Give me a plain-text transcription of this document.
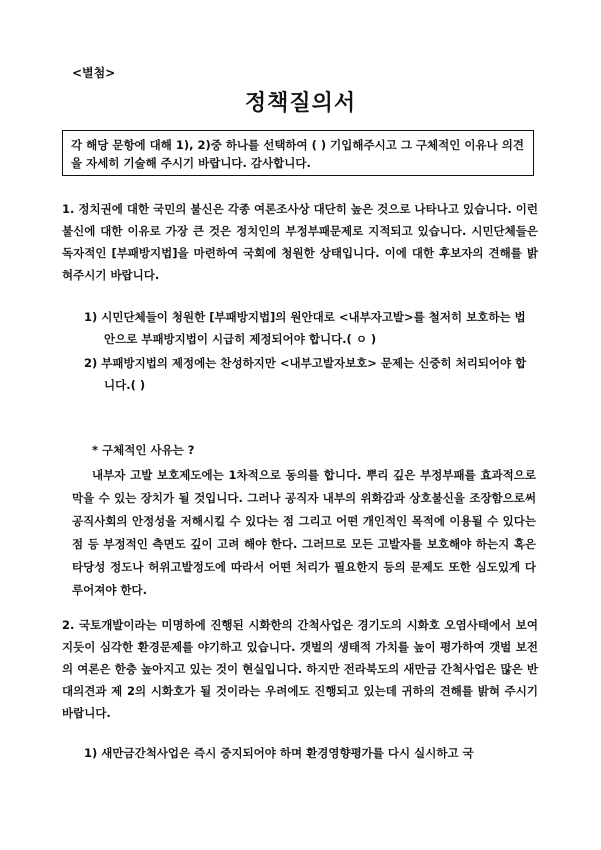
<별첨>
정책질의서
각 해당 문항에 대해 1), 2)중 하나를 선택하여 ( ) 기입해주시고 그 구체적인 이유나 의견을 자세히 기술해 주시기 바랍니다. 감사합니다.
1. 정치권에 대한 국민의 불신은 각종 여론조사상 대단히 높은 것으로 나타나고 있습니다. 이런 불신에 대한 이유로 가장 큰 것은 정치인의 부정부패문제로 지적되고 있습니다. 시민단체들은 독자적인 [부패방지법]을 마련하여 국회에 청원한 상태입니다. 이에 대한 후보자의 견해를 밝혀주시기 바랍니다.
1) 시민단체들이 청원한 [부패방지법]의 원안대로 <내부자고발>를 철저히 보호하는 법안으로 부패방지법이 시급히 제정되어야 합니다.( ㅇ )
2) 부패방지법의 제정에는 찬성하지만 <내부고발자보호> 문제는 신중히 처리되어야 합니다.( )
* 구체적인 사유는 ?
내부자 고발 보호제도에는 1차적으로 동의를 합니다. 뿌리 깊은 부정부패를 효과적으로 막을 수 있는 장치가 될 것입니다. 그러나 공직자 내부의 위화감과 상호불신을 조장함으로써 공직사회의 안정성을 저해시킬 수 있다는 점 그리고 어떤 개인적인 목적에 이용될 수 있다는 점 등 부정적인 측면도 깊이 고려 해야 한다. 그러므로 모든 고발자를 보호해야 하는지 혹은 타당성 정도나 허위고발정도에 따라서 어떤 처리가 필요한지 등의 문제도 또한 심도있게 다루어져야 한다.
2. 국토개발이라는 미명하에 진행된 시화한의 간척사업은 경기도의 시화호 오염사태에서 보여지듯이 심각한 환경문제를 야기하고 있습니다. 갯벌의 생태적 가치를 높이 평가하여 갯벌 보전의 여론은 한층 높아지고 있는 것이 현실입니다. 하지만 전라북도의 새만금 간척사업은 많은 반대의견과 제 2의 시화호가 될 것이라는 우려에도 진행되고 있는데 귀하의 견해를 밝혀 주시기바랍니다.
1) 새만금간척사업은 즉시 중지되어야 하며 환경영향평가를 다시 실시하고 국
